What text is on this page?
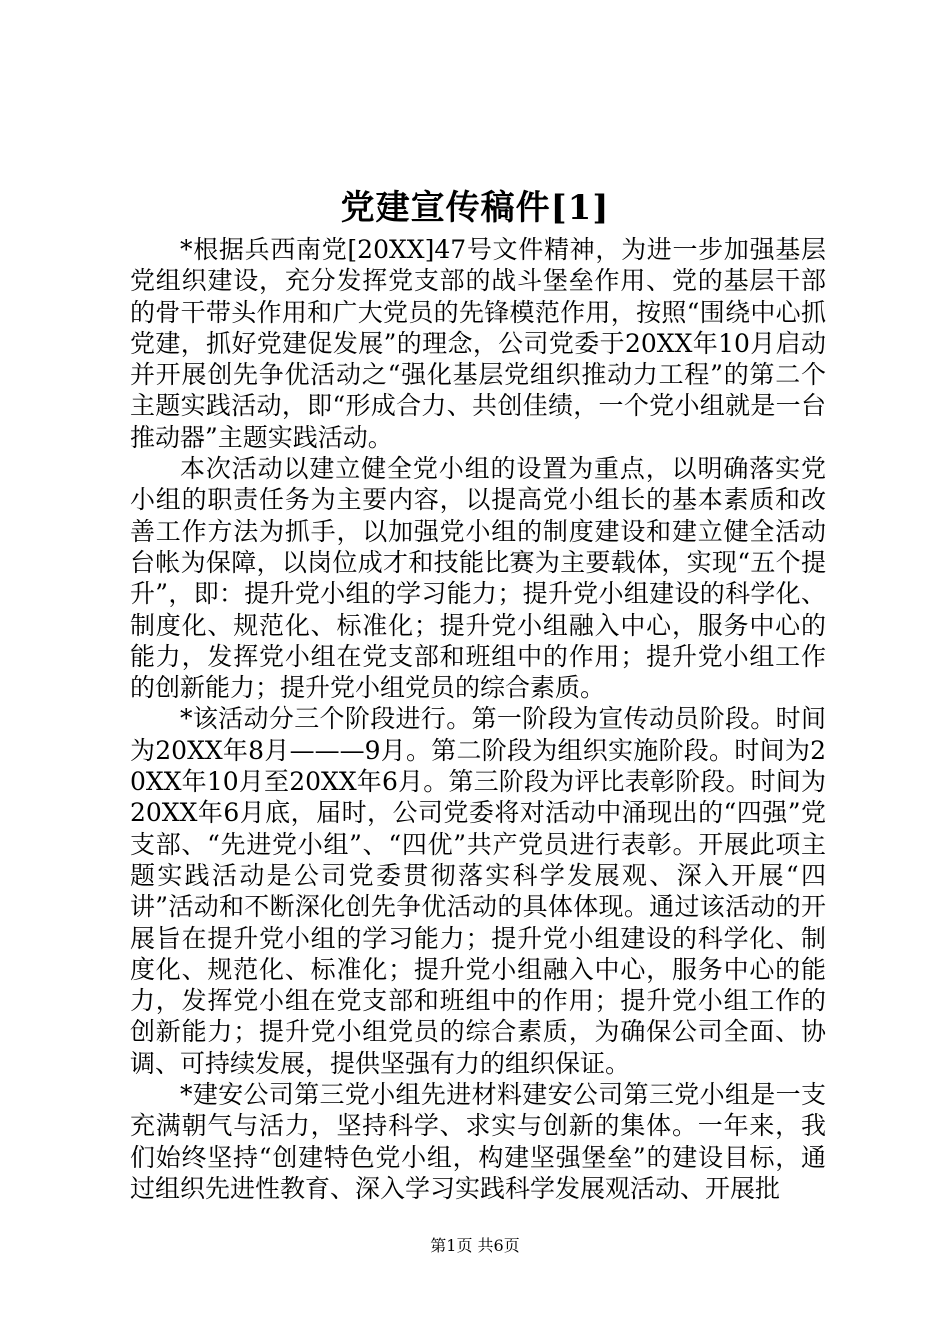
党建宣传稿件[1]

*根据兵西南党[20XX]47号文件精神，为进一步加强基层党组织建设，充分发挥党支部的战斗堡垒作用、党的基层干部的骨干带头作用和广大党员的先锋模范作用，按照“围绕中心抓党建，抓好党建促发展”的理念，公司党委于20XX年10月启动并开展创先争优活动之“强化基层党组织推动力工程”的第二个主题实践活动，即“形成合力、共创佳绩，一个党小组就是一台推动器”主题实践活动。

本次活动以建立健全党小组的设置为重点，以明确落实党小组的职责任务为主要内容，以提高党小组长的基本素质和改善工作方法为抓手，以加强党小组的制度建设和建立健全活动台帐为保障，以岗位成才和技能比赛为主要载体，实现“五个提升”，即：提升党小组的学习能力；提升党小组建设的科学化、制度化、规范化、标准化；提升党小组融入中心，服务中心的能力，发挥党小组在党支部和班组中的作用；提升党小组工作的创新能力；提升党小组党员的综合素质。

*该活动分三个阶段进行。第一阶段为宣传动员阶段。时间为20XX年8月———9月。第二阶段为组织实施阶段。时间为20XX年10月至20XX年6月。第三阶段为评比表彰阶段。时间为20XX年6月底，届时，公司党委将对活动中涌现出的“四强”党支部、“先进党小组”、“四优”共产党员进行表彰。开展此项主题实践活动是公司党委贯彻落实科学发展观、深入开展“四讲”活动和不断深化创先争优活动的具体体现。通过该活动的开展旨在提升党小组的学习能力；提升党小组建设的科学化、制度化、规范化、标准化；提升党小组融入中心，服务中心的能力，发挥党小组在党支部和班组中的作用；提升党小组工作的创新能力；提升党小组党员的综合素质，为确保公司全面、协调、可持续发展，提供坚强有力的组织保证。

*建安公司第三党小组先进材料建安公司第三党小组是一支充满朝气与活力，坚持科学、求实与创新的集体。一年来，我们始终坚持“创建特色党小组，构建坚强堡垒”的建设目标，通过组织先进性教育、深入学习实践科学发展观活动、开展批

第1页 共6页
